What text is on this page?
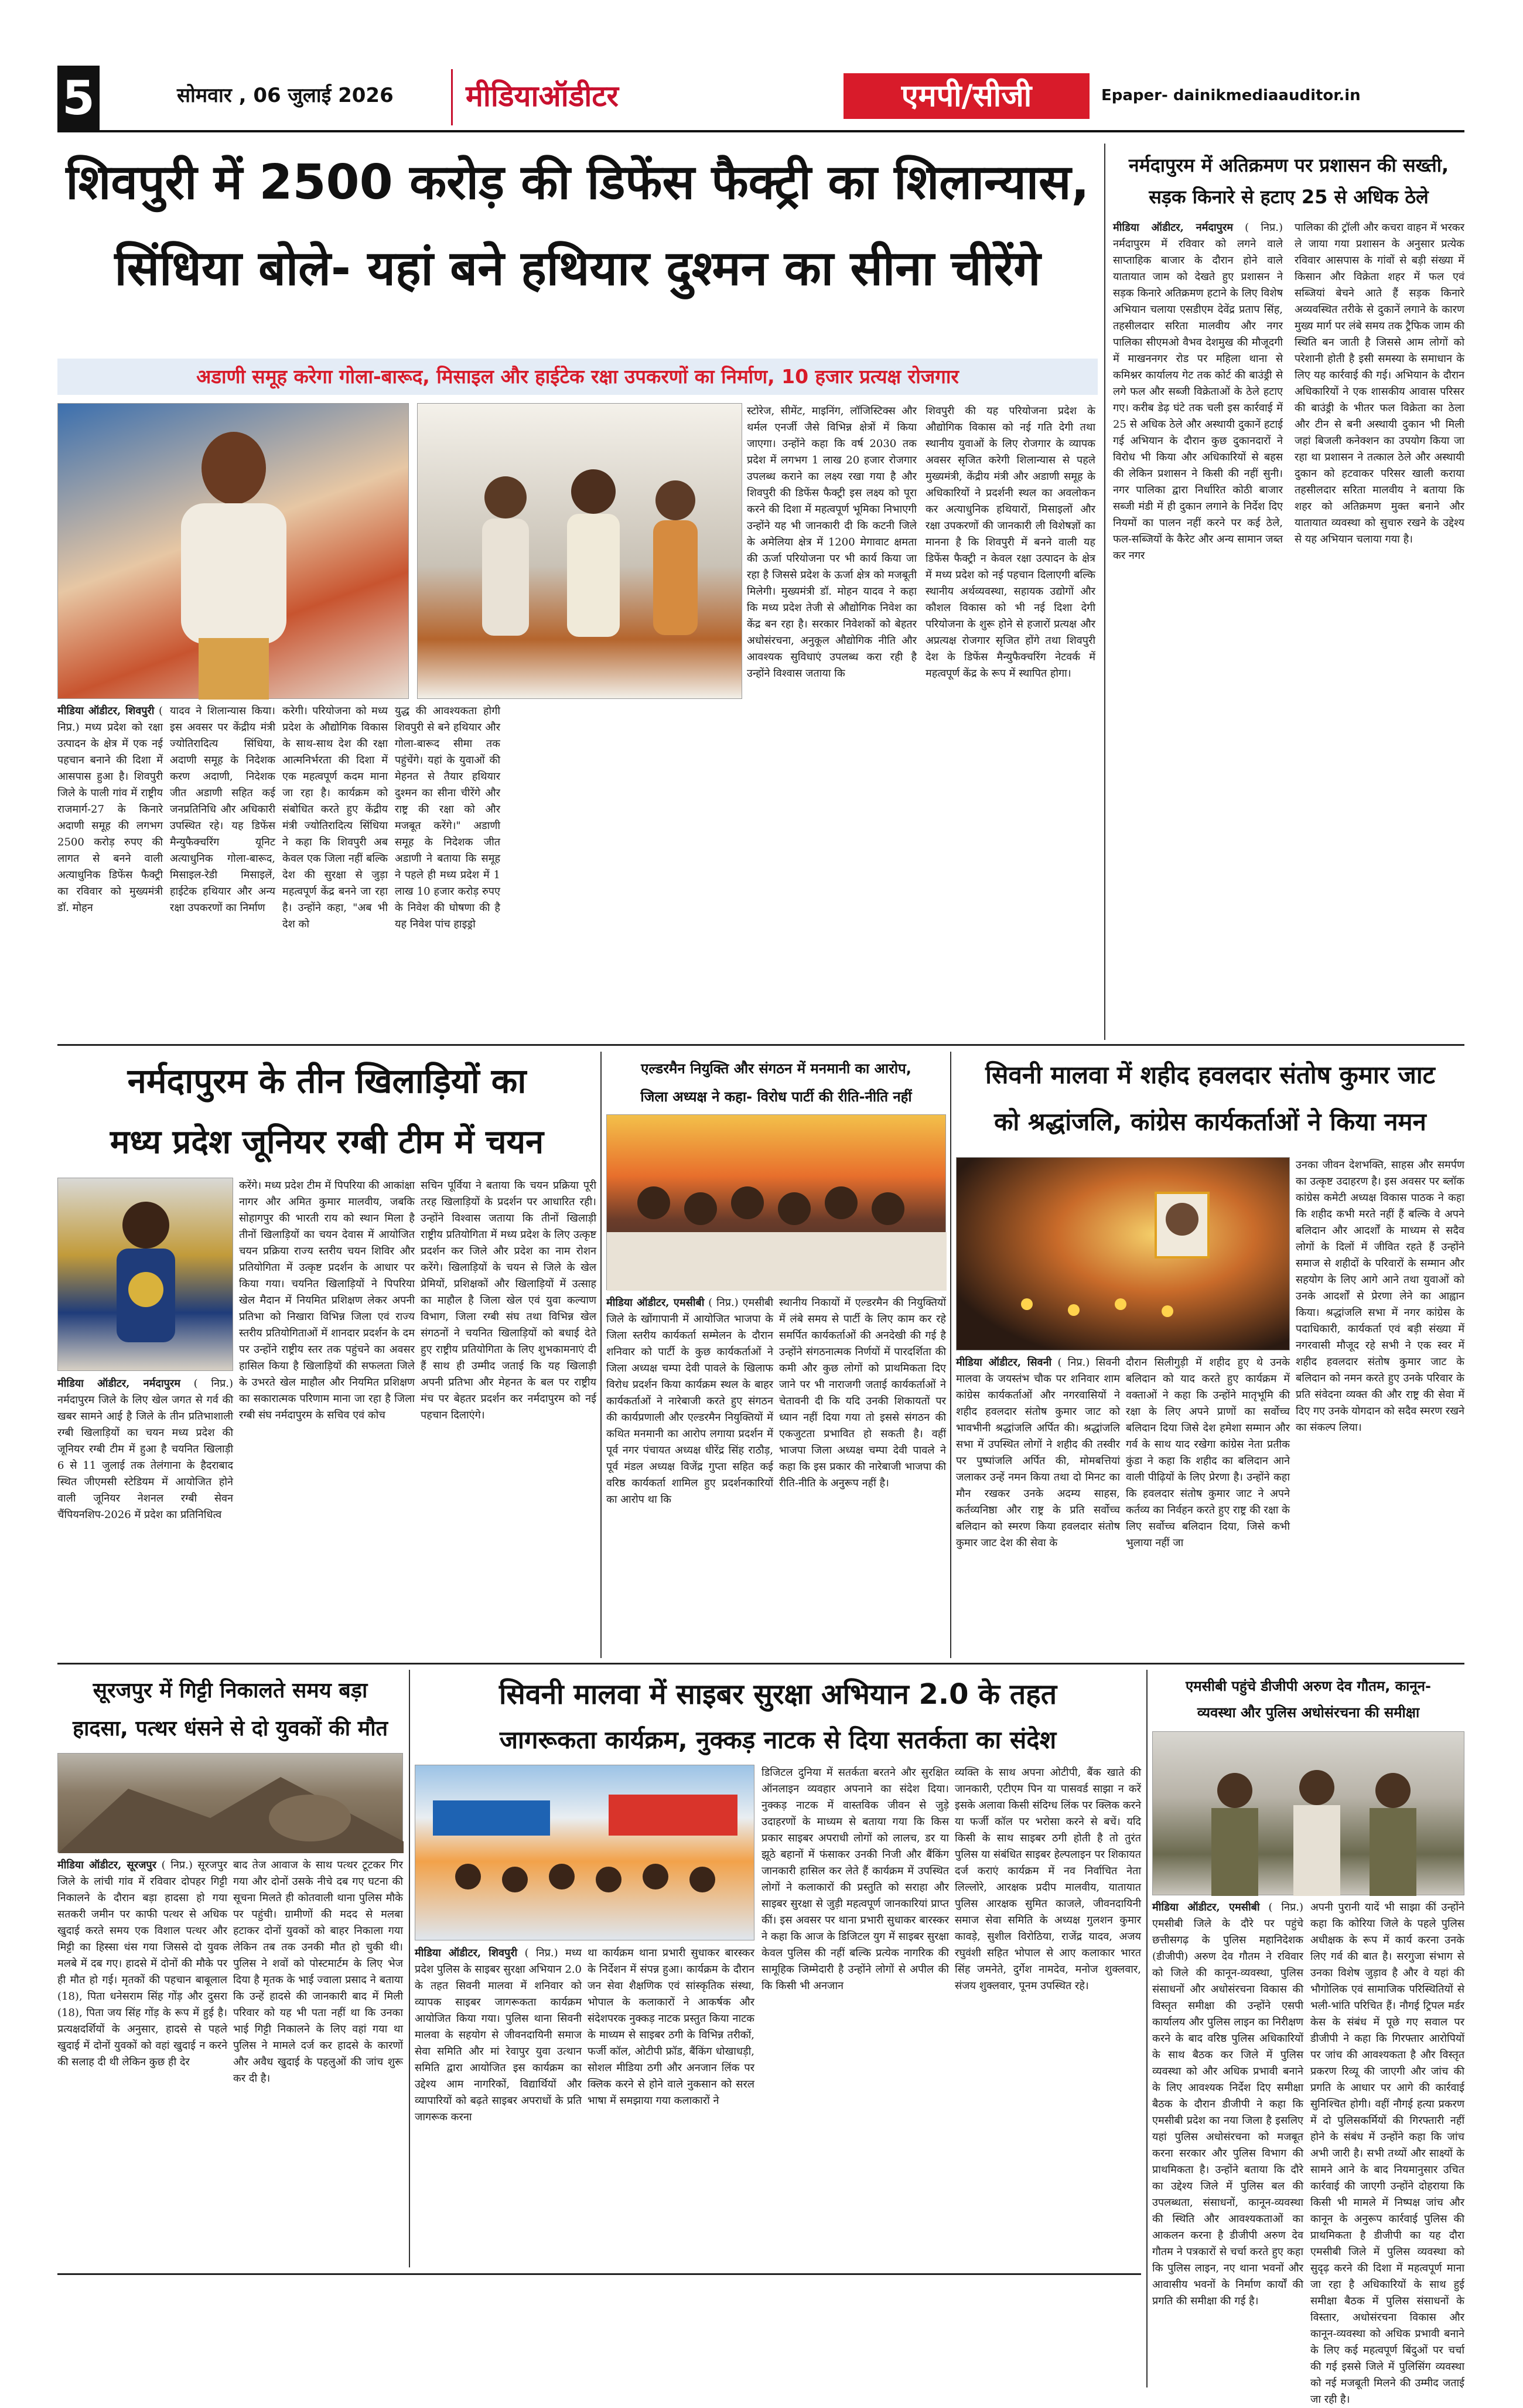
5	सोमवार , 06 जुलाई 2026 मीडियाऑडीटर	एमपी/सीजी	Epaper- dainikmediaauditor.in
शिवपुरी में 2500 करोड़ की डिफेंस फैक्ट्री का शिलान्यास,
सिंधिया बोले- यहां बने हथियार दुश्मन का सीना चीरेंगे
अडाणी समूह करेगा गोला-बारूद, मिसाइल और हाईटेक रक्षा उपकरणों का निर्माण, 10 हजार प्रत्यक्ष रोजगार
मीडिया ऑडीटर, शिवपुरी ( निप्र.) मध्य प्रदेश को रक्षा उत्पादन के क्षेत्र में एक नई पहचान बनाने की दिशा में आसपास हुआ है। शिवपुरी जिले के पाली गांव में राष्ट्रीय राजमार्ग-27 के किनारे अदाणी समूह की लगभग 2500 करोड़ रुपए की लागत से बनने वाली अत्याधुनिक डिफेंस फैक्ट्री का रविवार को मुख्यमंत्री डॉ. मोहन
यादव ने शिलान्यास किया। इस अवसर पर केंद्रीय मंत्री ज्योतिरादित्य सिंधिया, अदाणी समूह के निदेशक करण अदाणी, निदेशक जीत अडाणी सहित कई जनप्रतिनिधि और अधिकारी उपस्थित रहे। यह डिफेंस मैन्युफैक्चरिंग यूनिट अत्याधुनिक गोला-बारूद, मिसाइल-रेडी मिसाइलें, हाईटेक हथियार और अन्य रक्षा उपकरणों का निर्माण
करेगी। परियोजना को मध्य प्रदेश के औद्योगिक विकास के साथ-साथ देश की रक्षा आत्मनिर्भरता की दिशा में एक महत्वपूर्ण कदम माना जा रहा है। कार्यक्रम को संबोधित करते हुए केंद्रीय मंत्री ज्योतिरादित्य सिंधिया ने कहा कि शिवपुरी अब केवल एक जिला नहीं बल्कि देश की सुरक्षा से जुड़ा महत्वपूर्ण केंद्र बनने जा रहा है। उन्होंने कहा, "अब भी देश को
युद्ध की आवश्यकता होगी शिवपुरी से बने हथियार और गोला-बारूद सीमा तक पहुंचेंगे। यहां के युवाओं की मेहनत से तैयार हथियार दुश्मन का सीना चीरेंगे और राष्ट्र की रक्षा को और मजबूत करेंगे।" अडाणी समूह के निदेशक जीत अडाणी ने बताया कि समूह ने पहले ही मध्य प्रदेश में 1 लाख 10 हजार करोड़ रुपए के निवेश की घोषणा की है यह निवेश पांच हाइड्रो
स्टोरेज, सीमेंट, माइनिंग, लॉजिस्टिक्स और थर्मल एनर्जी जैसे विभिन्न क्षेत्रों में किया जाएगा। उन्होंने कहा कि वर्ष 2030 तक प्रदेश में लगभग 1 लाख 20 हजार रोजगार उपलब्ध कराने का लक्ष्य रखा गया है और शिवपुरी की डिफेंस फैक्ट्री इस लक्ष्य को पूरा करने की दिशा में महत्वपूर्ण भूमिका निभाएगी उन्होंने यह भी जानकारी दी कि कटनी जिले के अमेलिया क्षेत्र में 1200 मेगावाट क्षमता की ऊर्जा परियोजना पर भी कार्य किया जा रहा है जिससे प्रदेश के ऊर्जा क्षेत्र को मजबूती मिलेगी। मुख्यमंत्री डॉ. मोहन यादव ने कहा कि मध्य प्रदेश तेजी से औद्योगिक निवेश का केंद्र बन रहा है। सरकार निवेशकों को बेहतर अधोसंरचना, अनुकूल औद्योगिक नीति और आवश्यक सुविधाएं उपलब्ध करा रही है उन्होंने विश्वास जताया कि
शिवपुरी की यह परियोजना प्रदेश के औद्योगिक विकास को नई गति देगी तथा स्थानीय युवाओं के लिए रोजगार के व्यापक अवसर सृजित करेगी शिलान्यास से पहले मुख्यमंत्री, केंद्रीय मंत्री और अडाणी समूह के अधिकारियों ने प्रदर्शनी स्थल का अवलोकन कर अत्याधुनिक हथियारों, मिसाइलों और रक्षा उपकरणों की जानकारी ली विशेषज्ञों का मानना है कि शिवपुरी में बनने वाली यह डिफेंस फैक्ट्री न केवल रक्षा उत्पादन के क्षेत्र में मध्य प्रदेश को नई पहचान दिलाएगी बल्कि स्थानीय अर्थव्यवस्था, सहायक उद्योगों और कौशल विकास को भी नई दिशा देगी परियोजना के शुरू होने से हजारों प्रत्यक्ष और अप्रत्यक्ष रोजगार सृजित होंगे तथा शिवपुरी देश के डिफेंस मैन्युफैक्चरिंग नेटवर्क में महत्वपूर्ण केंद्र के रूप में स्थापित होगा।
नर्मदापुरम में अतिक्रमण पर प्रशासन की सख्ती, सड़क किनारे से हटाए 25 से अधिक ठेले
मीडिया ऑडीटर, नर्मदापुरम ( निप्र.) नर्मदापुरम में रविवार को लगने वाले साप्ताहिक बाजार के दौरान होने वाले यातायात जाम को देखते हुए प्रशासन ने सड़क किनारे अतिक्रमण हटाने के लिए विशेष अभियान चलाया एसडीएम देवेंद्र प्रताप सिंह, तहसीलदार सरिता मालवीय और नगर पालिका सीएमओ वैभव देशमुख की मौजूदगी में माखननगर रोड पर महिला थाना से कमिश्नर कार्यालय गेट तक कोर्ट की बाउंड्री से लगे फल और सब्जी विक्रेताओं के ठेले हटाए गए। करीब डेढ़ घंटे तक चली इस कार्रवाई में 25 से अधिक ठेले और अस्थायी दुकानें हटाई गई अभियान के दौरान कुछ दुकानदारों ने विरोध भी किया और अधिकारियों से बहस की लेकिन प्रशासन ने किसी की नहीं सुनी। नगर पालिका द्वारा निर्धारित कोठी बाजार सब्जी मंडी में ही दुकान लगाने के निर्देश दिए नियमों का पालन नहीं करने पर कई ठेले, फल-सब्जियों के कैरेट और अन्य सामान जब्त कर नगर
पालिका की ट्रॉली और कचरा वाहन में भरकर ले जाया गया प्रशासन के अनुसार प्रत्येक रविवार आसपास के गांवों से बड़ी संख्या में किसान और विक्रेता शहर में फल एवं सब्जियां बेचने आते हैं सड़क किनारे अव्यवस्थित तरीके से दुकानें लगाने के कारण मुख्य मार्ग पर लंबे समय तक ट्रैफिक जाम की स्थिति बन जाती है जिससे आम लोगों को परेशानी होती है इसी समस्या के समाधान के लिए यह कार्रवाई की गई। अभियान के दौरान अधिकारियों ने एक शासकीय आवास परिसर की बाउंड्री के भीतर फल विक्रेता का ठेला और टीन से बनी अस्थायी दुकान भी मिली जहां बिजली कनेक्शन का उपयोग किया जा रहा था प्रशासन ने तत्काल ठेले और अस्थायी दुकान को हटवाकर परिसर खाली कराया तहसीलदार सरिता मालवीय ने बताया कि शहर को अतिक्रमण मुक्त बनाने और यातायात व्यवस्था को सुचारु रखने के उद्देश्य से यह अभियान चलाया गया है।
नर्मदापुरम के तीन खिलाड़ियों का
मध्य प्रदेश जूनियर रग्बी टीम में चयन
मीडिया ऑडीटर, नर्मदापुरम ( निप्र.) नर्मदापुरम जिले के लिए खेल जगत से गर्व की खबर सामने आई है जिले के तीन प्रतिभाशाली रग्बी खिलाड़ियों का चयन मध्य प्रदेश की जूनियर रग्बी टीम में हुआ है चयनित खिलाड़ी 6 से 11 जुलाई तक तेलंगाना के हैदराबाद स्थित जीएमसी स्टेडियम में आयोजित होने वाली जूनियर नेशनल रग्बी सेवन चैंपियनशिप-2026 में प्रदेश का प्रतिनिधित्व
करेंगे। मध्य प्रदेश टीम में पिपरिया की आकांक्षा नागर और अमित कुमार मालवीय, जबकि सोहागपुर की भारती राय को स्थान मिला है तीनों खिलाड़ियों का चयन देवास में आयोजित चयन प्रक्रिया राज्य स्तरीय चयन शिविर और प्रतियोगिता में उत्कृष्ट प्रदर्शन के आधार पर किया गया। चयनित खिलाड़ियों ने पिपरिया खेल मैदान में नियमित प्रशिक्षण लेकर अपनी प्रतिभा को निखारा विभिन्न जिला एवं राज्य स्तरीय प्रतियोगिताओं में शानदार प्रदर्शन के दम पर उन्होंने राष्ट्रीय स्तर तक पहुंचने का अवसर हासिल किया है खिलाड़ियों की सफलता जिले के उभरते खेल माहौल और नियमित प्रशिक्षण का सकारात्मक परिणाम माना जा रहा है जिला रग्बी संघ नर्मदापुरम के सचिव एवं कोच
सचिन पूर्विया ने बताया कि चयन प्रक्रिया पूरी तरह खिलाड़ियों के प्रदर्शन पर आधारित रही। उन्होंने विश्वास जताया कि तीनों खिलाड़ी राष्ट्रीय प्रतियोगिता में मध्य प्रदेश के लिए उत्कृष्ट प्रदर्शन कर जिले और प्रदेश का नाम रोशन करेंगे। खिलाड़ियों के चयन से जिले के खेल प्रेमियों, प्रशिक्षकों और खिलाड़ियों में उत्साह का माहौल है जिला खेल एवं युवा कल्याण विभाग, जिला रग्बी संघ तथा विभिन्न खेल संगठनों ने चयनित खिलाड़ियों को बधाई देते हुए राष्ट्रीय प्रतियोगिता के लिए शुभकामनाएं दी हैं साथ ही उम्मीद जताई कि यह खिलाड़ी अपनी प्रतिभा और मेहनत के बल पर राष्ट्रीय मंच पर बेहतर प्रदर्शन कर नर्मदापुरम को नई पहचान दिलाएंगे।
एल्डरमैन नियुक्ति और संगठन में मनमानी का आरोप,
जिला अध्यक्ष ने कहा- विरोध पार्टी की रीति-नीति नहीं
मीडिया ऑडीटर, एमसीबी ( निप्र.) एमसीबी जिले के खोंगापानी में आयोजित भाजपा के जिला स्तरीय कार्यकर्ता सम्मेलन के दौरान शनिवार को पार्टी के कुछ कार्यकर्ताओं ने जिला अध्यक्ष चम्पा देवी पावले के खिलाफ विरोध प्रदर्शन किया कार्यक्रम स्थल के बाहर कार्यकर्ताओं ने नारेबाजी करते हुए संगठन की कार्यप्रणाली और एल्डरमैन नियुक्तियों में कथित मनमानी का आरोप लगाया प्रदर्शन में पूर्व नगर पंचायत अध्यक्ष धीरेंद्र सिंह राठौड़, पूर्व मंडल अध्यक्ष विजेंद्र गुप्ता सहित कई वरिष्ठ कार्यकर्ता शामिल हुए प्रदर्शनकारियों का आरोप था कि
स्थानीय निकायों में एल्डरमैन की नियुक्तियों में लंबे समय से पार्टी के लिए काम कर रहे समर्पित कार्यकर्ताओं की अनदेखी की गई है उन्होंने संगठनात्मक निर्णयों में पारदर्शिता की कमी और कुछ लोगों को प्राथमिकता दिए जाने पर भी नाराजगी जताई कार्यकर्ताओं ने चेतावनी दी कि यदि उनकी शिकायतों पर ध्यान नहीं दिया गया तो इससे संगठन की एकजुटता प्रभावित हो सकती है। वहीं भाजपा जिला अध्यक्ष चम्पा देवी पावले ने कहा कि इस प्रकार की नारेबाजी भाजपा की रीति-नीति के अनुरूप नहीं है।
सिवनी मालवा में शहीद हवलदार संतोष कुमार जाट
को श्रद्धांजलि, कांग्रेस कार्यकर्ताओं ने किया नमन
मीडिया ऑडीटर, सिवनी ( निप्र.) सिवनी मालवा के जयस्तंभ चौक पर शनिवार शाम कांग्रेस कार्यकर्ताओं और नगरवासियों ने शहीद हवलदार संतोष कुमार जाट को भावभीनी श्रद्धांजलि अर्पित की। श्रद्धांजलि सभा में उपस्थित लोगों ने शहीद की तस्वीर पर पुष्पांजलि अर्पित की, मोमबत्तियां जलाकर उन्हें नमन किया तथा दो मिनट का मौन रखकर उनके अदम्य साहस, कर्तव्यनिष्ठा और राष्ट्र के प्रति सर्वोच्च बलिदान को स्मरण किया हवलदार संतोष कुमार जाट देश की सेवा के
दौरान सिलीगुड़ी में शहीद हुए थे उनके बलिदान को याद करते हुए कार्यक्रम में वक्ताओं ने कहा कि उन्होंने मातृभूमि की रक्षा के लिए अपने प्राणों का सर्वोच्च बलिदान दिया जिसे देश हमेशा सम्मान और गर्व के साथ याद रखेगा कांग्रेस नेता प्रतीक कुंडा ने कहा कि शहीद का बलिदान आने वाली पीढ़ियों के लिए प्रेरणा है। उन्होंने कहा कि हवलदार संतोष कुमार जाट ने अपने कर्तव्य का निर्वहन करते हुए राष्ट्र की रक्षा के लिए सर्वोच्च बलिदान दिया, जिसे कभी भुलाया नहीं जा
उनका जीवन देशभक्ति, साहस और समर्पण का उत्कृष्ट उदाहरण है। इस अवसर पर ब्लॉक कांग्रेस कमेटी अध्यक्ष विकास पाठक ने कहा कि शहीद कभी मरते नहीं हैं बल्कि वे अपने बलिदान और आदर्शों के माध्यम से सदैव लोगों के दिलों में जीवित रहते हैं उन्होंने समाज से शहीदों के परिवारों के सम्मान और सहयोग के लिए आगे आने तथा युवाओं को उनके आदर्शों से प्रेरणा लेने का आह्वान किया। श्रद्धांजलि सभा में नगर कांग्रेस के पदाधिकारी, कार्यकर्ता एवं बड़ी संख्या में नगरवासी मौजूद रहे सभी ने एक स्वर में शहीद हवलदार संतोष कुमार जाट के बलिदान को नमन करते हुए उनके परिवार के प्रति संवेदना व्यक्त की और राष्ट्र की सेवा में दिए गए उनके योगदान को सदैव स्मरण रखने का संकल्प लिया।
सूरजपुर में गिट्टी निकालते समय बड़ा
हादसा, पत्थर धंसने से दो युवकों की मौत
मीडिया ऑडीटर, सूरजपुर ( निप्र.) सूरजपुर जिले के लांची गांव में रविवार दोपहर गिट्टी निकालने के दौरान बड़ा हादसा हो गया सतकरी जमीन पर काफी पत्थर से अधिक खुदाई करते समय एक विशाल पत्थर और मिट्टी का हिस्सा धंस गया जिससे दो युवक मलबे में दब गए। हादसे में दोनों की मौके पर ही मौत हो गई। मृतकों की पहचान बाबूलाल (18), पिता धनेसराम सिंह गोंड़ और दुसरा (18), पिता जय सिंह गोंड़ के रूप में हुई है। प्रत्यक्षदर्शियों के अनुसार, हादसे से पहले खुदाई में दोनों युवकों को वहां खुदाई न करने की सलाह दी थी लेकिन कुछ ही देर
बाद तेज आवाज के साथ पत्थर टूटकर गिर गया और दोनों उसके नीचे दब गए घटना की सूचना मिलते ही कोतवाली थाना पुलिस मौके पर पहुंची। ग्रामीणों की मदद से मलबा हटाकर दोनों युवकों को बाहर निकाला गया लेकिन तब तक उनकी मौत हो चुकी थी। पुलिस ने शवों को पोस्टमार्टम के लिए भेज दिया है मृतक के भाई ज्वाला प्रसाद ने बताया कि उन्हें हादसे की जानकारी बाद में मिली परिवार को यह भी पता नहीं था कि उनका भाई गिट्टी निकालने के लिए वहां गया था पुलिस ने मामले दर्ज कर हादसे के कारणों और अवैध खुदाई के पहलुओं की जांच शुरू कर दी है।
सिवनी मालवा में साइबर सुरक्षा अभियान 2.0 के तहत
जागरूकता कार्यक्रम, नुक्कड़ नाटक से दिया सतर्कता का संदेश
मीडिया ऑडीटर, शिवपुरी ( निप्र.) मध्य प्रदेश पुलिस के साइबर सुरक्षा अभियान 2.0 के तहत सिवनी मालवा में शनिवार को व्यापक साइबर जागरूकता कार्यक्रम आयोजित किया गया। पुलिस थाना सिवनी मालवा के सहयोग से जीवनदायिनी समाज सेवा समिति और मां रेवापुर युवा उत्थान समिति द्वारा आयोजित इस कार्यक्रम का उद्देश्य आम नागरिकों, विद्यार्थियों और व्यापारियों को बढ़ते साइबर अपराधों के प्रति जागरूक करना
था कार्यक्रम थाना प्रभारी सुधाकर बारस्कर के निर्देशन में संपन्न हुआ। कार्यक्रम के दौरान जन सेवा शैक्षणिक एवं सांस्कृतिक संस्था, भोपाल के कलाकारों ने आकर्षक और संदेशपरक नुक्कड़ नाटक प्रस्तुत किया नाटक के माध्यम से साइबर ठगी के विभिन्न तरीकों, फर्जी कॉल, ओटीपी फ्रॉड, बैंकिंग धोखाधड़ी, सोशल मीडिया ठगी और अनजान लिंक पर क्लिक करने से होने वाले नुकसान को सरल भाषा में समझाया गया कलाकारों ने
डिजिटल दुनिया में सतर्कता बरतने और सुरक्षित ऑनलाइन व्यवहार अपनाने का संदेश दिया। नुक्कड़ नाटक में वास्तविक जीवन से जुड़े उदाहरणों के माध्यम से बताया गया कि किस प्रकार साइबर अपराधी लोगों को लालच, डर या झूठे बहानों में फंसाकर उनकी निजी और बैंकिंग जानकारी हासिल कर लेते हैं कार्यक्रम में उपस्थित लोगों ने कलाकारों की प्रस्तुति को सराहा और साइबर सुरक्षा से जुड़ी महत्वपूर्ण जानकारियां प्राप्त कीं। इस अवसर पर थाना प्रभारी सुधाकर बारस्कर ने कहा कि आज के डिजिटल युग में साइबर सुरक्षा केवल पुलिस की नहीं बल्कि प्रत्येक नागरिक की सामूहिक जिम्मेदारी है उन्होंने लोगों से अपील की कि किसी भी अनजान
व्यक्ति के साथ अपना ओटीपी, बैंक खाते की जानकारी, एटीएम पिन या पासवर्ड साझा न करें इसके अलावा किसी संदिग्ध लिंक पर क्लिक करने या फर्जी कॉल पर भरोसा करने से बचें। यदि किसी के साथ साइबर ठगी होती है तो तुरंत पुलिस या संबंधित साइबर हेल्पलाइन पर शिकायत दर्ज कराएं कार्यक्रम में नव निर्वाचित नेता लिल्लोरे, आरक्षक प्रदीप मालवीय, यातायात पुलिस आरक्षक सुमित काजले, जीवनदायिनी समाज सेवा समिति के अध्यक्ष गुलशन कुमार कावड़े, सुशील विरोठिया, राजेंद्र यादव, अजय रघुवंशी सहित भोपाल से आए कलाकार भारत सिंह जमनेते, दुर्गेश नामदेव, मनोज शुक्लवार, संजय शुक्लवार, पूनम उपस्थित रहे।
एमसीबी पहुंचे डीजीपी अरुण देव गौतम, कानून-
व्यवस्था और पुलिस अधोसंरचना की समीक्षा
मीडिया ऑडीटर, एमसीबी ( निप्र.) एमसीबी जिले के दौरे पर पहुंचे छत्तीसगढ़ के पुलिस महानिदेशक (डीजीपी) अरुण देव गौतम ने रविवार को जिले की कानून-व्यवस्था, पुलिस संसाधनों और अधोसंरचना विकास की विस्तृत समीक्षा की उन्होंने एसपी कार्यालय और पुलिस लाइन का निरीक्षण करने के बाद वरिष्ठ पुलिस अधिकारियों के साथ बैठक कर जिले में पुलिस व्यवस्था को और अधिक प्रभावी बनाने के लिए आवश्यक निर्देश दिए समीक्षा बैठक के दौरान डीजीपी ने कहा कि एमसीबी प्रदेश का नया जिला है इसलिए यहां पुलिस अधोसंरचना को मजबूत करना सरकार और पुलिस विभाग की प्राथमिकता है। उन्होंने बताया कि दौरे का उद्देश्य जिले में पुलिस बल की उपलब्धता, संसाधनों, कानून-व्यवस्था की स्थिति और आवश्यकताओं का आकलन करना है डीजीपी अरुण देव गौतम ने पत्रकारों से चर्चा करते हुए कहा कि पुलिस लाइन, नए थाना भवनों और आवासीय भवनों के निर्माण कार्यों की प्रगति की समीक्षा की गई है।
अपनी पुरानी यादें भी साझा कीं उन्होंने कहा कि कोरिया जिले के पहले पुलिस अधीक्षक के रूप में कार्य करना उनके लिए गर्व की बात है। सरगुजा संभाग से उनका विशेष जुड़ाव है और वे यहां की भौगोलिक एवं सामाजिक परिस्थितियों से भली-भांति परिचित हैं। नौगई ट्रिपल मर्डर केस के संबंध में पूछे गए सवाल पर डीजीपी ने कहा कि गिरफ्तार आरोपियों पर जांच की आवश्यकता है और विस्तृत प्रकरण रिव्यू की जाएगी और जांच की प्रगति के आधार पर आगे की कार्रवाई सुनिश्चित होगी। वहीं नौगई हत्या प्रकरण में दो पुलिसकर्मियों की गिरफ्तारी नहीं होने के संबंध में उन्होंने कहा कि जांच अभी जारी है। सभी तथ्यों और साक्ष्यों के सामने आने के बाद नियमानुसार उचित कार्रवाई की जाएगी उन्होंने दोहराया कि किसी भी मामले में निष्पक्ष जांच और कानून के अनुरूप कार्रवाई पुलिस की प्राथमिकता है डीजीपी का यह दौरा एमसीबी जिले में पुलिस व्यवस्था को सुदृढ़ करने की दिशा में महत्वपूर्ण माना जा रहा है अधिकारियों के साथ हुई समीक्षा बैठक में पुलिस संसाधनों के विस्तार, अधोसंरचना विकास और कानून-व्यवस्था को अधिक प्रभावी बनाने के लिए कई महत्वपूर्ण बिंदुओं पर चर्चा की गई इससे जिले में पुलिसिंग व्यवस्था को नई मजबूती मिलने की उम्मीद जताई जा रही है।
